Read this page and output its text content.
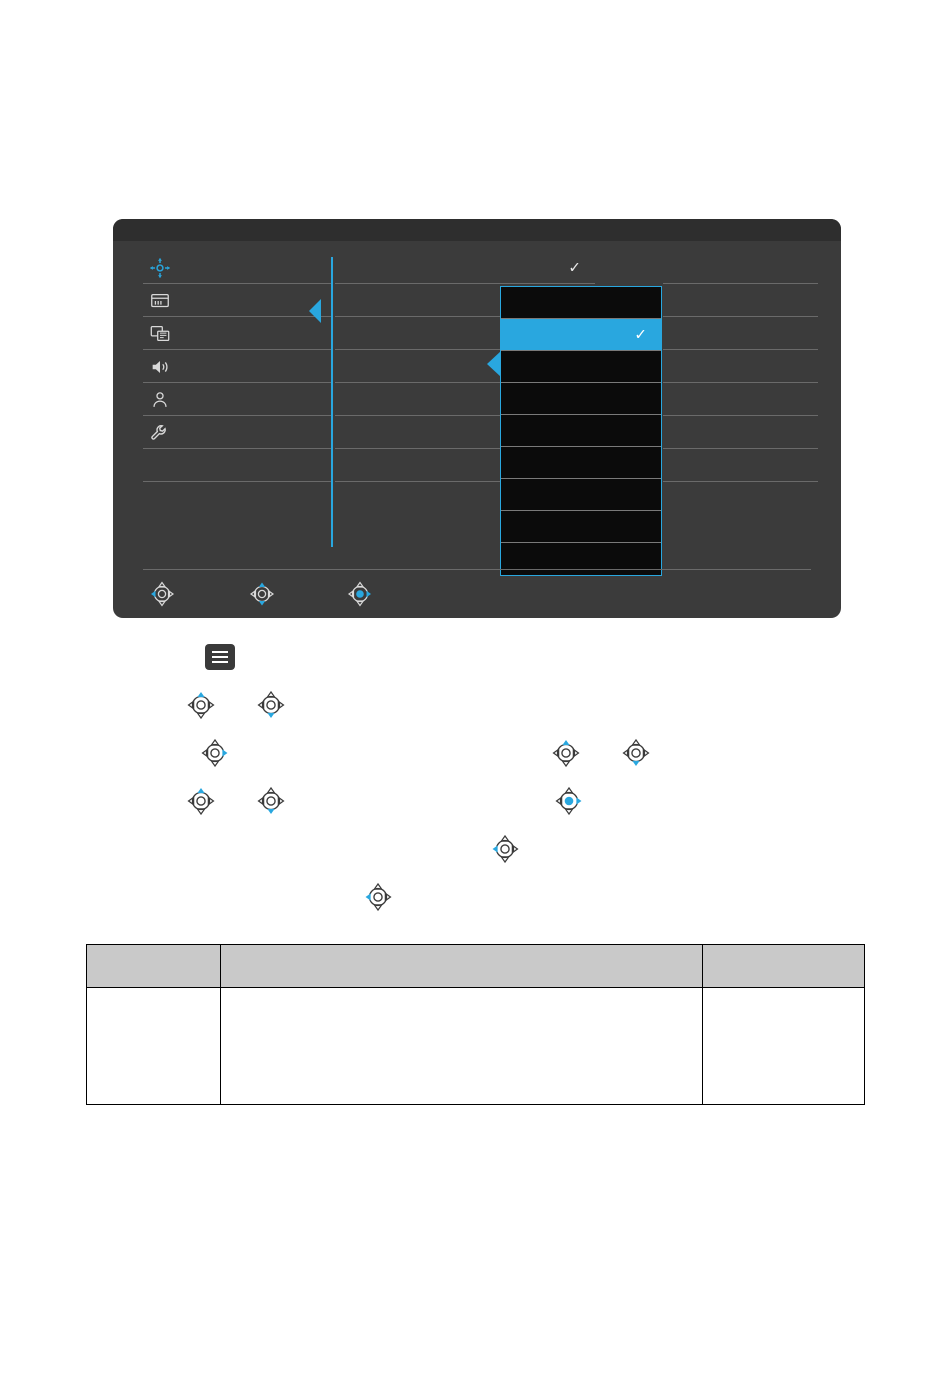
✓
✓
